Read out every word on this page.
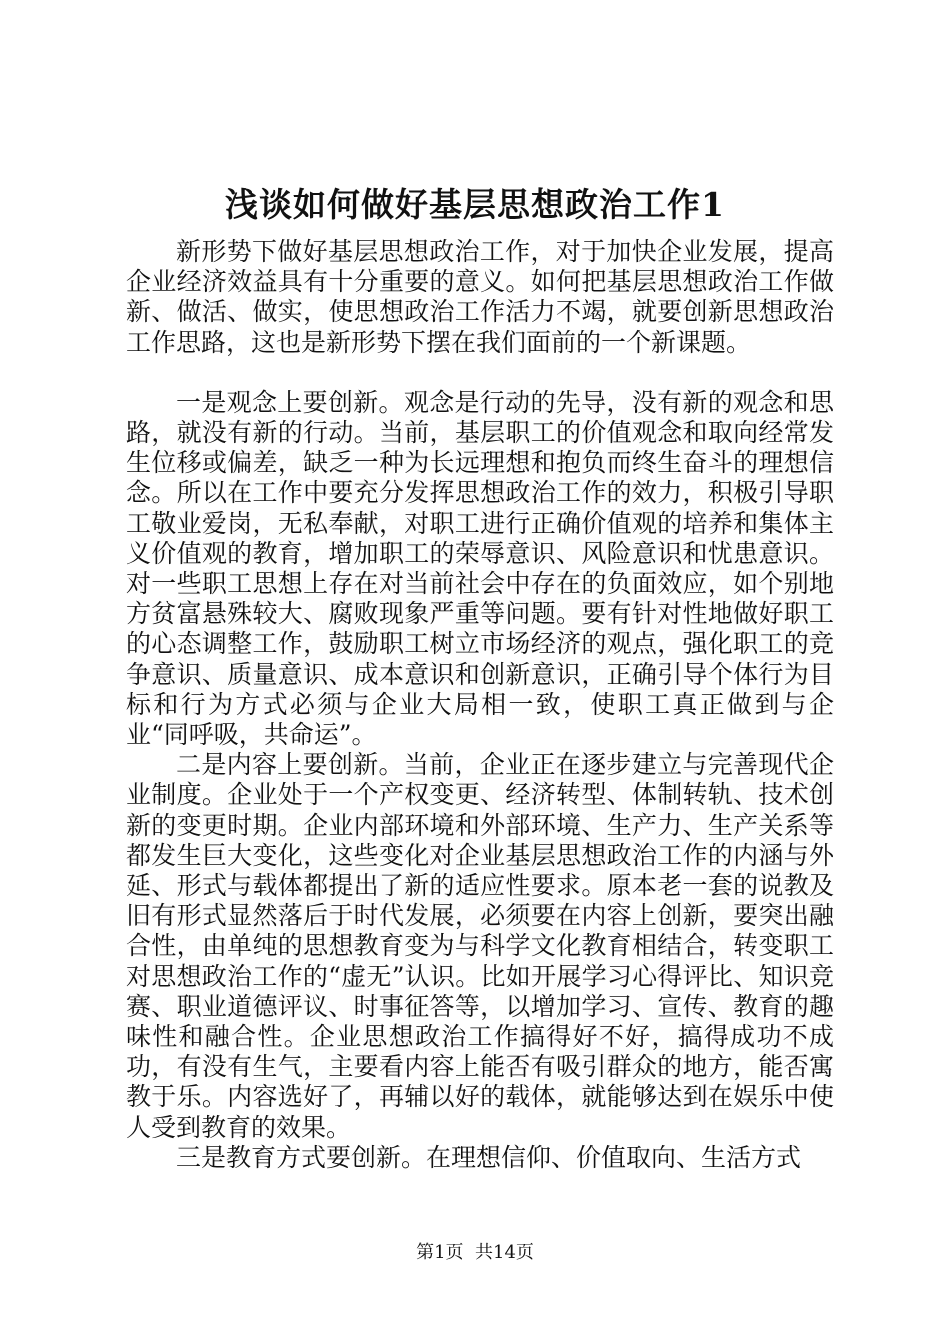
浅谈如何做好基层思想政治工作1

新形势下做好基层思想政治工作，对于加快企业发展，提高企业经济效益具有十分重要的意义。如何把基层思想政治工作做新、做活、做实，使思想政治工作活力不竭，就要创新思想政治工作思路，这也是新形势下摆在我们面前的一个新课题。

一是观念上要创新。观念是行动的先导，没有新的观念和思路，就没有新的行动。当前，基层职工的价值观念和取向经常发生位移或偏差，缺乏一种为长远理想和抱负而终生奋斗的理想信念。所以在工作中要充分发挥思想政治工作的效力，积极引导职工敬业爱岗，无私奉献，对职工进行正确价值观的培养和集体主义价值观的教育，增加职工的荣辱意识、风险意识和忧患意识。对一些职工思想上存在对当前社会中存在的负面效应，如个别地方贫富悬殊较大、腐败现象严重等问题。要有针对性地做好职工的心态调整工作，鼓励职工树立市场经济的观点，强化职工的竞争意识、质量意识、成本意识和创新意识，正确引导个体行为目标和行为方式必须与企业大局相一致，使职工真正做到与企业“同呼吸，共命运”。

二是内容上要创新。当前，企业正在逐步建立与完善现代企业制度。企业处于一个产权变更、经济转型、体制转轨、技术创新的变更时期。企业内部环境和外部环境、生产力、生产关系等都发生巨大变化，这些变化对企业基层思想政治工作的内涵与外延、形式与载体都提出了新的适应性要求。原本老一套的说教及旧有形式显然落后于时代发展，必须要在内容上创新，要突出融合性，由单纯的思想教育变为与科学文化教育相结合，转变职工对思想政治工作的“虚无”认识。比如开展学习心得评比、知识竞赛、职业道德评议、时事征答等，以增加学习、宣传、教育的趣味性和融合性。企业思想政治工作搞得好不好，搞得成功不成功，有没有生气，主要看内容上能否有吸引群众的地方，能否寓教于乐。内容选好了，再辅以好的载体，就能够达到在娱乐中使人受到教育的效果。

三是教育方式要创新。在理想信仰、价值取向、生活方式

第1页 共14页
